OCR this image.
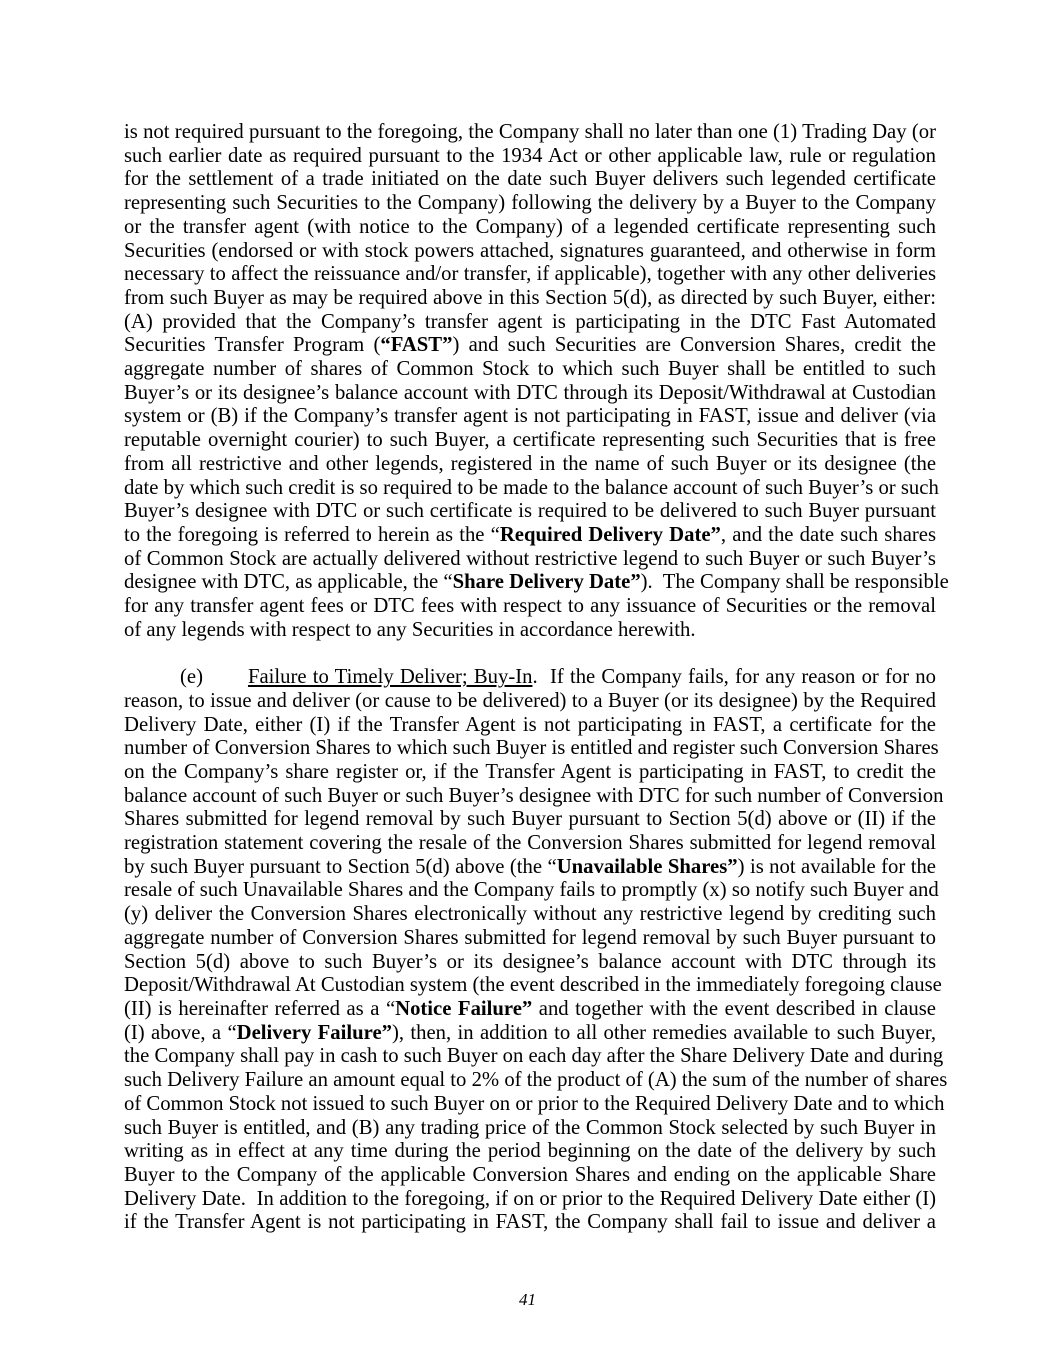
is not required pursuant to the foregoing, the Company shall no later than one (1) Trading Day (or
such earlier date as required pursuant to the 1934 Act or other applicable law, rule or regulation
for the settlement of a trade initiated on the date such Buyer delivers such legended certificate
representing such Securities to the Company) following the delivery by a Buyer to the Company
or the transfer agent (with notice to the Company) of a legended certificate representing such
Securities (endorsed or with stock powers attached, signatures guaranteed, and otherwise in form
necessary to affect the reissuance and/or transfer, if applicable), together with any other deliveries
from such Buyer as may be required above in this Section 5(d), as directed by such Buyer, either:
(A) provided that the Company’s transfer agent is participating in the DTC Fast Automated
Securities Transfer Program (“FAST”) and such Securities are Conversion Shares, credit the
aggregate number of shares of Common Stock to which such Buyer shall be entitled to such
Buyer’s or its designee’s balance account with DTC through its Deposit/Withdrawal at Custodian
system or (B) if the Company’s transfer agent is not participating in FAST, issue and deliver (via
reputable overnight courier) to such Buyer, a certificate representing such Securities that is free
from all restrictive and other legends, registered in the name of such Buyer or its designee (the
date by which such credit is so required to be made to the balance account of such Buyer’s or such
Buyer’s designee with DTC or such certificate is required to be delivered to such Buyer pursuant
to the foregoing is referred to herein as the “Required Delivery Date”, and the date such shares
of Common Stock are actually delivered without restrictive legend to such Buyer or such Buyer’s
designee with DTC, as applicable, the “Share Delivery Date”).  The Company shall be responsible
for any transfer agent fees or DTC fees with respect to any issuance of Securities or the removal
of any legends with respect to any Securities in accordance herewith.
(e) Failure to Timely Deliver; Buy-In.  If the Company fails, for any reason or for no
reason, to issue and deliver (or cause to be delivered) to a Buyer (or its designee) by the Required
Delivery Date, either (I) if the Transfer Agent is not participating in FAST, a certificate for the
number of Conversion Shares to which such Buyer is entitled and register such Conversion Shares
on the Company’s share register or, if the Transfer Agent is participating in FAST, to credit the
balance account of such Buyer or such Buyer’s designee with DTC for such number of Conversion
Shares submitted for legend removal by such Buyer pursuant to Section 5(d) above or (II) if the
registration statement covering the resale of the Conversion Shares submitted for legend removal
by such Buyer pursuant to Section 5(d) above (the “Unavailable Shares”) is not available for the
resale of such Unavailable Shares and the Company fails to promptly (x) so notify such Buyer and
(y) deliver the Conversion Shares electronically without any restrictive legend by crediting such
aggregate number of Conversion Shares submitted for legend removal by such Buyer pursuant to
Section 5(d) above to such Buyer’s or its designee’s balance account with DTC through its
Deposit/Withdrawal At Custodian system (the event described in the immediately foregoing clause
(II) is hereinafter referred as a “Notice Failure” and together with the event described in clause
(I) above, a “Delivery Failure”), then, in addition to all other remedies available to such Buyer,
the Company shall pay in cash to such Buyer on each day after the Share Delivery Date and during
such Delivery Failure an amount equal to 2% of the product of (A) the sum of the number of shares
of Common Stock not issued to such Buyer on or prior to the Required Delivery Date and to which
such Buyer is entitled, and (B) any trading price of the Common Stock selected by such Buyer in
writing as in effect at any time during the period beginning on the date of the delivery by such
Buyer to the Company of the applicable Conversion Shares and ending on the applicable Share
Delivery Date.  In addition to the foregoing, if on or prior to the Required Delivery Date either (I)
if the Transfer Agent is not participating in FAST, the Company shall fail to issue and deliver a
41
